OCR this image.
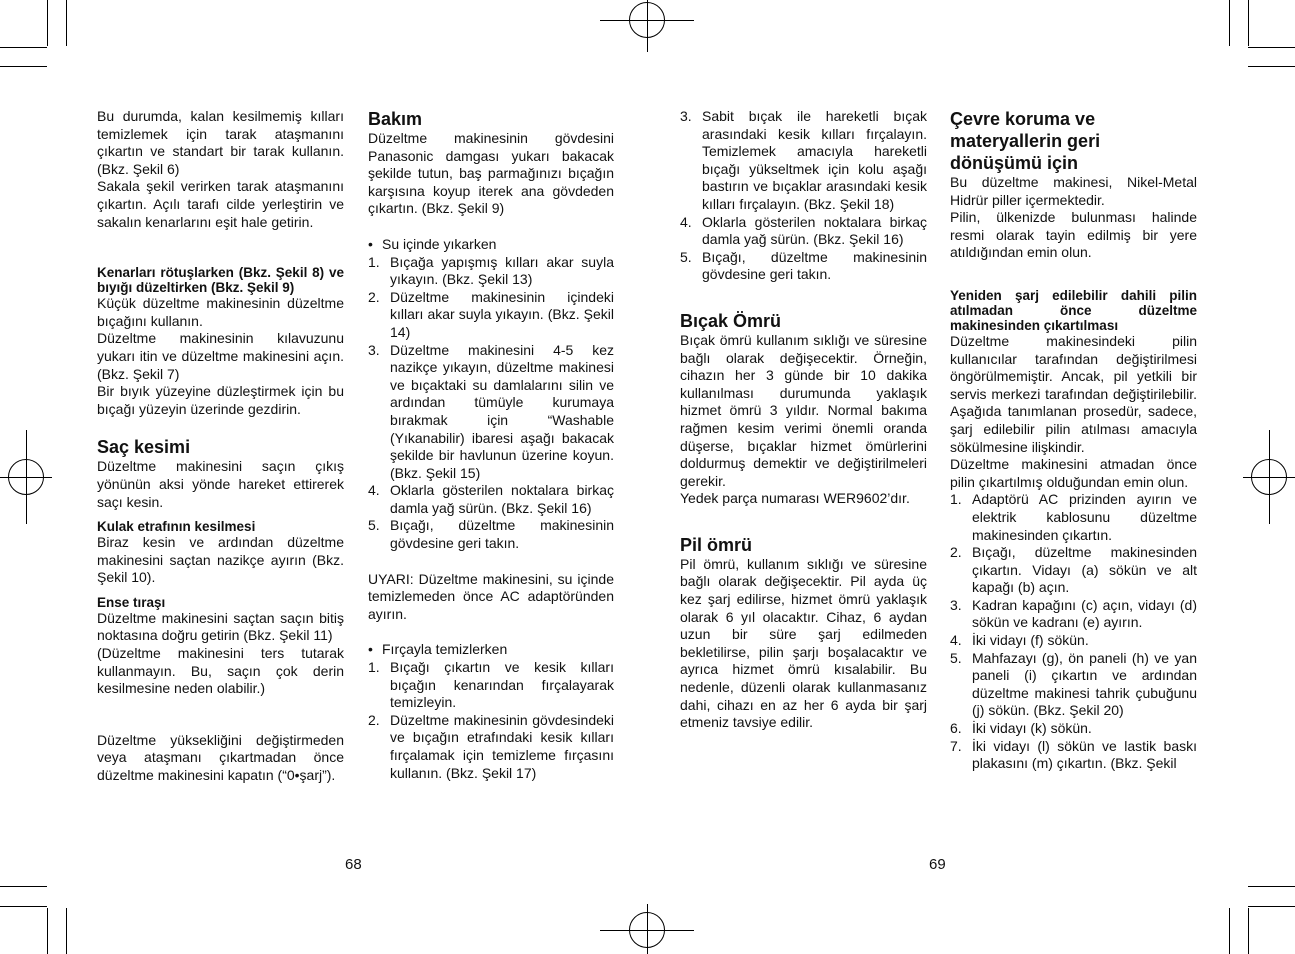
Bu durumda, kalan kesilmemiş kılları temizlemek için tarak ataşmanını çıkartın ve standart bir tarak kullanın. (Bkz. Şekil 6)

Sakala şekil verirken tarak ataşmanını çıkartın. Açılı tarafı cilde yerleştirin ve sakalın kenarlarını eşit hale getirin.

Kenarları rötuşlarken (Bkz. Şekil 8) ve bıyığı düzeltirken (Bkz. Şekil 9)

Küçük düzeltme makinesinin düzeltme bıçağını kullanın.

Düzeltme makinesinin kılavuzunu yukarı itin ve düzeltme makinesini açın. (Bkz. Şekil 7)

Bir bıyık yüzeyine düzleştirmek için bu bıçağı yüzeyin üzerinde gezdirin.

Saç kesimi

Düzeltme makinesini saçın çıkış yönünün aksi yönde hareket ettirerek saçı kesin.

Kulak etrafının kesilmesi

Biraz kesin ve ardından düzeltme makinesini saçtan nazikçe ayırın (Bkz. Şekil 10).

Ense tıraşı

Düzeltme makinesini saçtan saçın bitiş noktasına doğru getirin (Bkz. Şekil 11)

(Düzeltme makinesini ters tutarak kullanmayın. Bu, saçın çok derin kesilmesine neden olabilir.)

Düzeltme yüksekliğini değiştirmeden veya ataşmanı çıkartmadan önce düzeltme makinesini kapatın (“0•şarj”).

Bakım

Düzeltme makinesinin gövdesini Panasonic damgası yukarı bakacak şekilde tutun, baş parmağınızı bıçağın karşısına koyup iterek ana gövdeden çıkartın. (Bkz. Şekil 9)

• Su içinde yıkarken
1. Bıçağa yapışmış kılları akar suyla yıkayın. (Bkz. Şekil 13)
2. Düzeltme makinesinin içindeki kılları akar suyla yıkayın. (Bkz. Şekil 14)
3. Düzeltme makinesini 4-5 kez nazikçe yıkayın, düzeltme makinesi ve bıçaktaki su damlalarını silin ve ardından tümüyle kurumaya bırakmak için “Washable (Yıkanabilir) ibaresi aşağı bakacak şekilde bir havlunun üzerine koyun. (Bkz. Şekil 15)
4. Oklarla gösterilen noktalara birkaç damla yağ sürün. (Bkz. Şekil 16)
5. Bıçağı, düzeltme makinesinin gövdesine geri takın.

UYARI: Düzeltme makinesini, su içinde temizlemeden önce AC adaptöründen ayırın.

• Fırçayla temizlerken
1. Bıçağı çıkartın ve kesik kılları bıçağın kenarından fırçalayarak temizleyin.
2. Düzeltme makinesinin gövdesindeki ve bıçağın etrafındaki kesik kılları fırçalamak için temizleme fırçasını kullanın. (Bkz. Şekil 17)
3. Sabit bıçak ile hareketli bıçak arasındaki kesik kılları fırçalayın. Temizlemek amacıyla hareketli bıçağı yükseltmek için kolu aşağı bastırın ve bıçaklar arasındaki kesik kılları fırçalayın. (Bkz. Şekil 18)
4. Oklarla gösterilen noktalara birkaç damla yağ sürün. (Bkz. Şekil 16)
5. Bıçağı, düzeltme makinesinin gövdesine geri takın.
Bıçak Ömrü

Bıçak ömrü kullanım sıklığı ve süresine bağlı olarak değişecektir. Örneğin, cihazın her 3 günde bir 10 dakika kullanılması durumunda yaklaşık hizmet ömrü 3 yıldır. Normal bakıma rağmen kesim verimi önemli oranda düşerse, bıçaklar hizmet ömürlerini doldurmuş demektir ve değiştirilmeleri gerekir.

Yedek parça numarası WER9602’dır.

Pil ömrü

Pil ömrü, kullanım sıklığı ve süresine bağlı olarak değişecektir. Pil ayda üç kez şarj edilirse, hizmet ömrü yaklaşık olarak 6 yıl olacaktır. Cihaz, 6 aydan uzun bir süre şarj edilmeden bekletilirse, pilin şarjı boşalacaktır ve ayrıca hizmet ömrü kısalabilir. Bu nedenle, düzenli olarak kullanmasanız dahi, cihazı en az her 6 ayda bir şarj etmeniz tavsiye edilir.

Çevre koruma ve materyallerin geri dönüşümü için

Bu düzeltme makinesi, Nikel-Metal Hidrür piller içermektedir.

Pilin, ülkenizde bulunması halinde resmi olarak tayin edilmiş bir yere atıldığından emin olun.

Yeniden şarj edilebilir dahili pilin atılmadan önce düzeltme makinesinden çıkartılması

Düzeltme makinesindeki pilin kullanıcılar tarafından değiştirilmesi öngörülmemiştir. Ancak, pil yetkili bir servis merkezi tarafından değiştirilebilir. Aşağıda tanımlanan prosedür, sadece, şarj edilebilir pilin atılması amacıyla sökülmesine ilişkindir.

Düzeltme makinesini atmadan önce pilin çıkartılmış olduğundan emin olun.

1. Adaptörü AC prizinden ayırın ve elektrik kablosunu düzeltme makinesinden çıkartın.
2. Bıçağı, düzeltme makinesinden çıkartın. Vidayı (a) sökün ve alt kapağı (b) açın.
3. Kadran kapağını (c) açın, vidayı (d) sökün ve kadranı (e) ayırın.
4. İki vidayı (f) sökün.
5. Mahfazayı (g), ön paneli (h) ve yan paneli (i) çıkartın ve ardından düzeltme makinesi tahrik çubuğunu (j) sökün. (Bkz. Şekil 20)
6. İki vidayı (k) sökün.
7. İki vidayı (l) sökün ve lastik baskı plakasını (m) çıkartın. (Bkz. Şekil
68	69
